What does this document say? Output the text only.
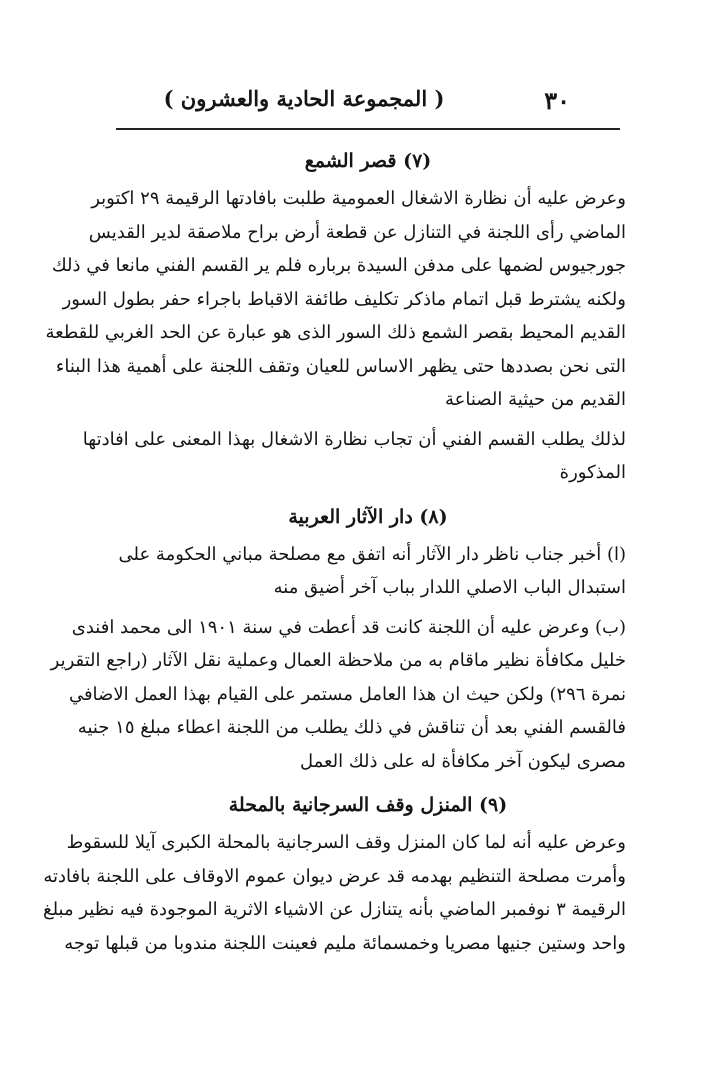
٣٠
( المجموعة الحادية والعشرون )
(٧) قصر الشمع
وعرض عليه أن نظارة الاشغال العمومية طلبت بافادتها الرقيمة ٢٩ اكتوبر
الماضي رأى اللجنة في التنازل عن قطعة أرض براح ملاصقة لدير القديس
جورجيوس لضمها على مدفن السيدة برباره فلم ير القسم الفني مانعا في ذلك
ولكنه يشترط قبل اتمام ماذكر تكليف طائفة الاقباط باجراء حفر بطول السور
القديم المحيط بقصر الشمع ذلك السور الذى هو عبارة عن الحد الغربي للقطعة
التى نحن بصددها حتى يظهر الاساس للعيان وتقف اللجنة على أهمية هذا البناء
القديم من حيثية الصناعة
لذلك يطلب القسم الفني أن تجاب نظارة الاشغال بهذا المعنى على افادتها
المذكورة
(٨) دار الآثار العربية
(ا) أخبر جناب ناظر دار الآثار أنه اتفق مع مصلحة مباني الحكومة على
استبدال الباب الاصلي اللدار بباب آخر أضيق منه
(ب) وعرض عليه أن اللجنة كانت قد أعطت في سنة ١٩٠١ الى محمد افندى
خليل مكافأة نظير ماقام به من ملاحظة العمال وعملية نقل الآثار (راجع التقرير
نمرة ٢٩٦) ولكن حيث ان هذا العامل مستمر على القيام بهذا العمل الاضافي
فالقسم الفني بعد أن تناقش في ذلك يطلب من اللجنة اعطاء مبلغ ١٥ جنيه
مصرى ليكون آخر مكافأة له على ذلك العمل
(٩) المنزل وقف السرجانية بالمحلة
وعرض عليه أنه لما كان المنزل وقف السرجانية بالمحلة الكبرى آيلا للسقوط
وأمرت مصلحة التنظيم بهدمه قد عرض ديوان عموم الاوقاف على اللجنة بافادته
الرقيمة ٣ نوفمبر الماضي بأنه يتنازل عن الاشياء الاثرية الموجودة فيه نظير مبلغ
واحد وستين جنيها مصريا وخمسمائة مليم فعينت اللجنة مندوبا من قبلها توجه
